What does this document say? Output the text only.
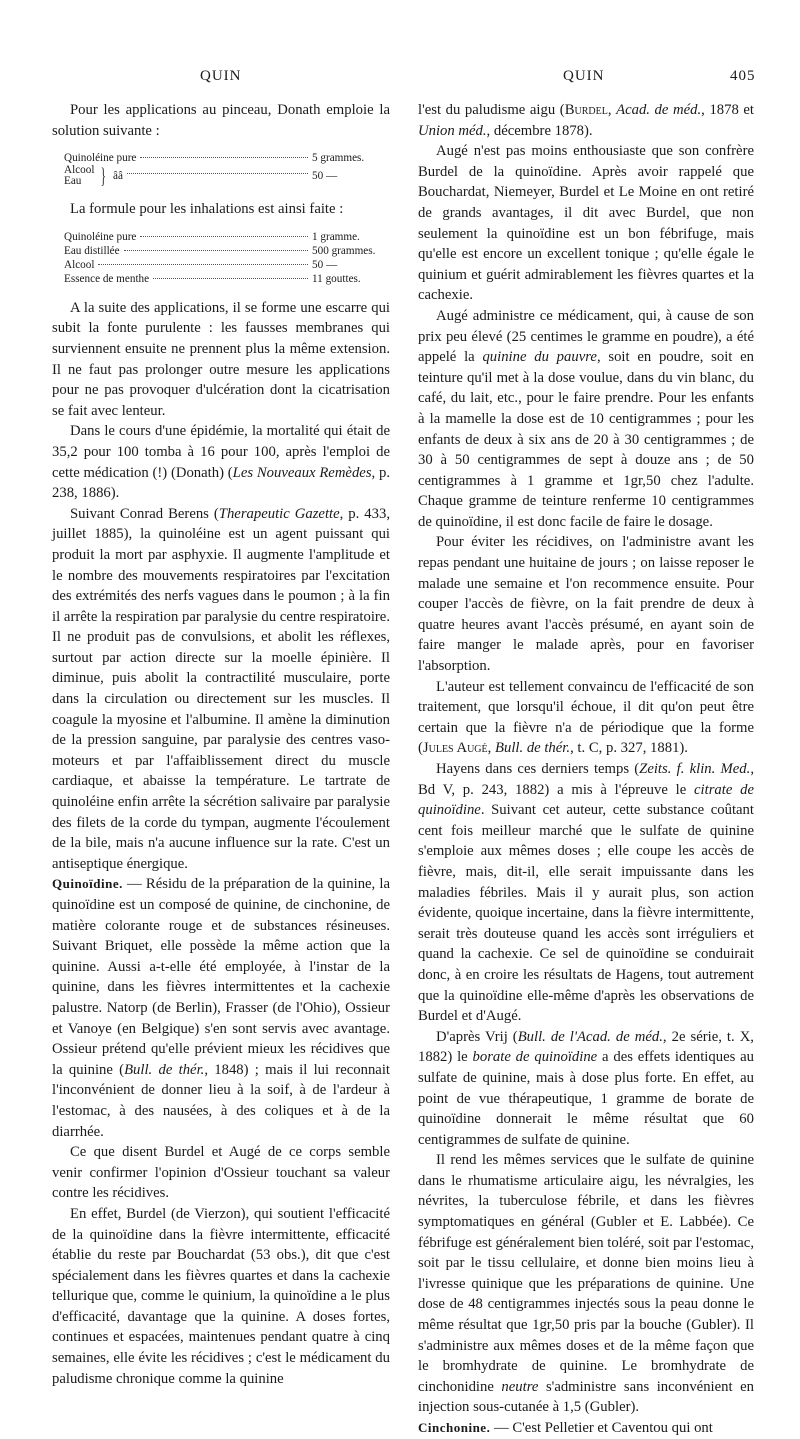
QUIN	QUIN	405

Pour les applications au pinceau, Donath emploie la solution suivante :

Quinoléine pure	5 grammes.
Alcool
Eau } ââ	50 —

La formule pour les inhalations est ainsi faite :

Quinoléine pure	1 gramme.
Eau distillée	500 grammes.
Alcool	50 —
Essence de menthe	11 gouttes.

A la suite des applications, il se forme une escarre qui subit la fonte purulente : les fausses membranes qui surviennent ensuite ne prennent plus la même extension. Il ne faut pas prolonger outre mesure les applications pour ne pas provoquer d'ulcération dont la cicatrisation se fait avec lenteur.

Dans le cours d'une épidémie, la mortalité qui était de 35,2 pour 100 tomba à 16 pour 100, après l'emploi de cette médication (!) (Donath) (Les Nouveaux Remèdes, p. 238, 1886).

Suivant Conrad Berens (Therapeutic Gazette, p. 433, juillet 1885), la quinoléine est un agent puissant qui produit la mort par asphyxie. Il augmente l'amplitude et le nombre des mouvements respiratoires par l'excitation des extrémités des nerfs vagues dans le poumon ; à la fin il arrête la respiration par paralysie du centre respiratoire. Il ne produit pas de convulsions, et abolit les réflexes, surtout par action directe sur la moelle épinière. Il diminue, puis abolit la contractilité musculaire, porte dans la circulation ou directement sur les muscles. Il coagule la myosine et l'albumine. Il amène la diminution de la pression sanguine, par paralysie des centres vaso-moteurs et par l'affaiblissement direct du muscle cardiaque, et abaisse la température. Le tartrate de quinoléine enfin arrête la sécrétion salivaire par paralysie des filets de la corde du tympan, augmente l'écoulement de la bile, mais n'a aucune influence sur la rate. C'est un antiseptique énergique.

Quinoïdine. — Résidu de la préparation de la quinine, la quinoïdine est un composé de quinine, de cinchonine, de matière colorante rouge et de substances résineuses. Suivant Briquet, elle possède la même action que la quinine. Aussi a-t-elle été employée, à l'instar de la quinine, dans les fièvres intermittentes et la cachexie palustre. Natorp (de Berlin), Frasser (de l'Ohio), Ossieur et Vanoye (en Belgique) s'en sont servis avec avantage. Ossieur prétend qu'elle prévient mieux les récidives que la quinine (Bull. de thér., 1848) ; mais il lui reconnait l'inconvénient de donner lieu à la soif, à de l'ardeur à l'estomac, à des nausées, à des coliques et à de la diarrhée.

Ce que disent Burdel et Augé de ce corps semble venir confirmer l'opinion d'Ossieur touchant sa valeur contre les récidives.

En effet, Burdel (de Vierzon), qui soutient l'efficacité de la quinoïdine dans la fièvre intermittente, efficacité établie du reste par Bouchardat (53 obs.), dit que c'est spécialement dans les fièvres quartes et dans la cachexie tellurique que, comme le quinium, la quinoïdine a le plus d'efficacité, davantage que la quinine. A doses fortes, continues et espacées, maintenues pendant quatre à cinq semaines, elle évite les récidives ; c'est le médicament du paludisme chronique comme la quinine

l'est du paludisme aigu (Burdel, Acad. de méd., 1878 et Union méd., décembre 1878).

Augé n'est pas moins enthousiaste que son confrère Burdel de la quinoïdine. Après avoir rappelé que Bouchardat, Niemeyer, Burdel et Le Moine en ont retiré de grands avantages, il dit avec Burdel, que non seulement la quinoïdine est un bon fébrifuge, mais qu'elle est encore un excellent tonique ; qu'elle égale le quinium et guérit admirablement les fièvres quartes et la cachexie.

Augé administre ce médicament, qui, à cause de son prix peu élevé (25 centimes le gramme en poudre), a été appelé la quinine du pauvre, soit en poudre, soit en teinture qu'il met à la dose voulue, dans du vin blanc, du café, du lait, etc., pour le faire prendre. Pour les enfants à la mamelle la dose est de 10 centigrammes ; pour les enfants de deux à six ans de 20 à 30 centigrammes ; de 30 à 50 centigrammes de sept à douze ans ; de 50 centigrammes à 1 gramme et 1gr,50 chez l'adulte. Chaque gramme de teinture renferme 10 centigrammes de quinoïdine, il est donc facile de faire le dosage.

Pour éviter les récidives, on l'administre avant les repas pendant une huitaine de jours ; on laisse reposer le malade une semaine et l'on recommence ensuite. Pour couper l'accès de fièvre, on la fait prendre de deux à quatre heures avant l'accès présumé, en ayant soin de faire manger le malade après, pour en favoriser l'absorption.

L'auteur est tellement convaincu de l'efficacité de son traitement, que lorsqu'il échoue, il dit qu'on peut être certain que la fièvre n'a de périodique que la forme (Jules Augé, Bull. de thér., t. C, p. 327, 1881).

Hayens dans ces derniers temps (Zeits. f. klin. Med., Bd V, p. 243, 1882) a mis à l'épreuve le citrate de quinoïdine. Suivant cet auteur, cette substance coûtant cent fois meilleur marché que le sulfate de quinine s'emploie aux mêmes doses ; elle coupe les accès de fièvre, mais, dit-il, elle serait impuissante dans les maladies fébriles. Mais il y aurait plus, son action évidente, quoique incertaine, dans la fièvre intermittente, serait très douteuse quand les accès sont irréguliers et quand la cachexie. Ce sel de quinoïdine se conduirait donc, à en croire les résultats de Hagens, tout autrement que la quinoïdine elle-même d'après les observations de Burdel et d'Augé.

D'après Vrij (Bull. de l'Acad. de méd., 2e série, t. X, 1882) le borate de quinoïdine a des effets identiques au sulfate de quinine, mais à dose plus forte. En effet, au point de vue thérapeutique, 1 gramme de borate de quinoïdine donnerait le même résultat que 60 centigrammes de sulfate de quinine.

Il rend les mêmes services que le sulfate de quinine dans le rhumatisme articulaire aigu, les névralgies, les névrites, la tuberculose fébrile, et dans les fièvres symptomatiques en général (Gubler et E. Labbée). Ce fébrifuge est généralement bien toléré, soit par l'estomac, soit par le tissu cellulaire, et donne bien moins lieu à l'ivresse quinique que les préparations de quinine. Une dose de 48 centigrammes injectés sous la peau donne le même résultat que 1gr,50 pris par la bouche (Gubler). Il s'administre aux mêmes doses et de la même façon que le bromhydrate de quinine. Le bromhydrate de cinchonidine neutre s'administre sans inconvénient en injection sous-cutanée à 1,5 (Gubler).

Cinchonine. — C'est Pelletier et Caventou qui ont
